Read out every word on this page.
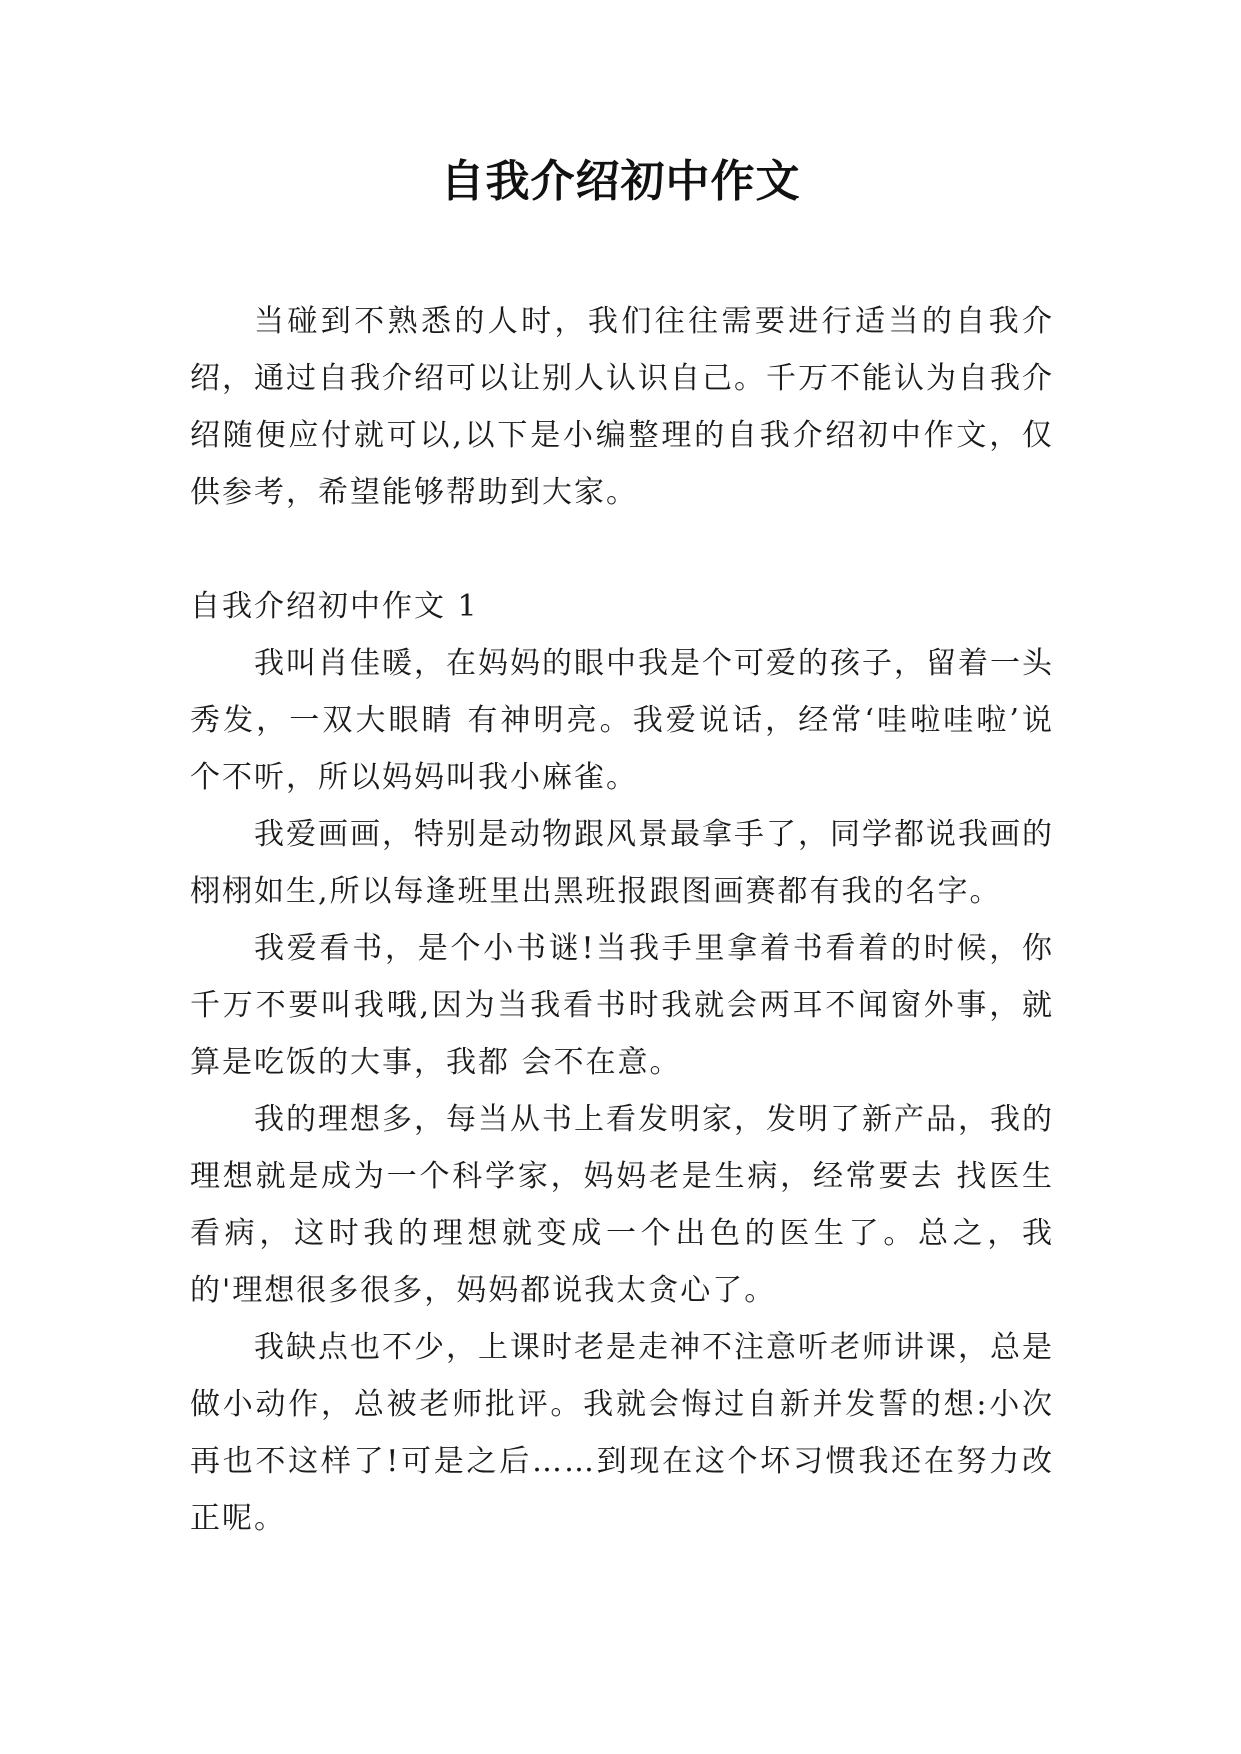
自我介绍初中作文

当碰到不熟悉的人时，我们往往需要进行适当的自我介绍，通过自我介绍可以让别人认识自己。千万不能认为自我介绍随便应付就可以,以下是小编整理的自我介绍初中作文，仅供参考，希望能够帮助到大家。

自我介绍初中作文 1

我叫肖佳暖，在妈妈的眼中我是个可爱的孩子，留着一头秀发，一双大眼睛 有神明亮。我爱说话，经常‘哇啦哇啦’说个不听，所以妈妈叫我小麻雀。

我爱画画，特别是动物跟风景最拿手了，同学都说我画的栩栩如生,所以每逢班里出黑班报跟图画赛都有我的名字。

我爱看书，是个小书谜!当我手里拿着书看着的时候，你千万不要叫我哦,因为当我看书时我就会两耳不闻窗外事，就算是吃饭的大事，我都 会不在意。

我的理想多，每当从书上看发明家，发明了新产品，我的理想就是成为一个科学家，妈妈老是生病，经常要去 找医生看病，这时我的理想就变成一个出色的医生了。总之，我的'理想很多很多，妈妈都说我太贪心了。

我缺点也不少，上课时老是走神不注意听老师讲课，总是做小动作，总被老师批评。我就会悔过自新并发誓的想:小次再也不这样了!可是之后……到现在这个坏习惯我还在努力改正呢。
